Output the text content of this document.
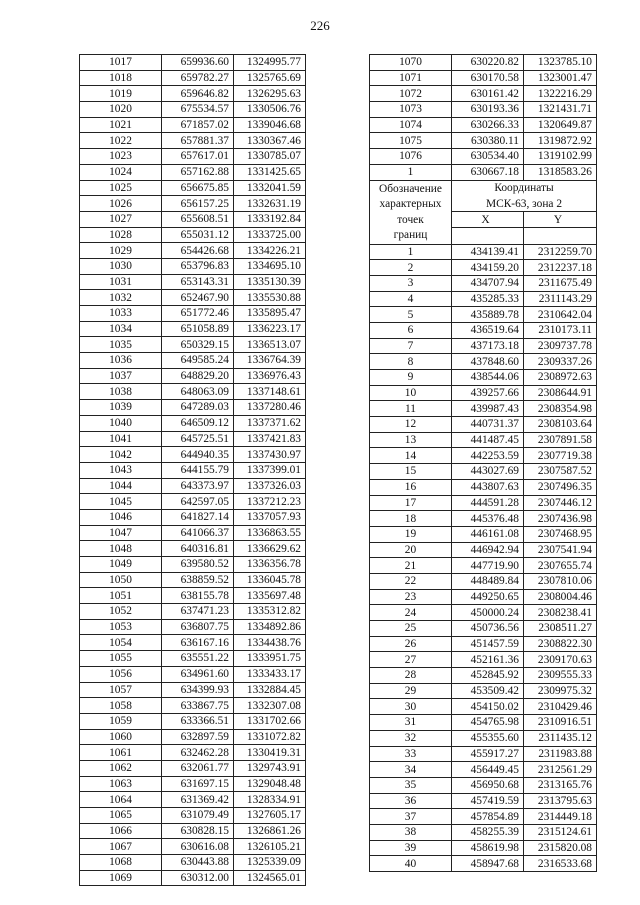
226
1017	659936.60	1324995.77
1018	659782.27	1325765.69
1019	659646.82	1326295.63
1020	675534.57	1330506.76
1021	671857.02	1339046.68
1022	657881.37	1330367.46
1023	657617.01	1330785.07
1024	657162.88	1331425.65
1025	656675.85	1332041.59
1026	656157.25	1332631.19
1027	655608.51	1333192.84
1028	655031.12	1333725.00
1029	654426.68	1334226.21
1030	653796.83	1334695.10
1031	653143.31	1335130.39
1032	652467.90	1335530.88
1033	651772.46	1335895.47
1034	651058.89	1336223.17
1035	650329.15	1336513.07
1036	649585.24	1336764.39
1037	648829.20	1336976.43
1038	648063.09	1337148.61
1039	647289.03	1337280.46
1040	646509.12	1337371.62
1041	645725.51	1337421.83
1042	644940.35	1337430.97
1043	644155.79	1337399.01
1044	643373.97	1337326.03
1045	642597.05	1337212.23
1046	641827.14	1337057.93
1047	641066.37	1336863.55
1048	640316.81	1336629.62
1049	639580.52	1336356.78
1050	638859.52	1336045.78
1051	638155.78	1335697.48
1052	637471.23	1335312.82
1053	636807.75	1334892.86
1054	636167.16	1334438.76
1055	635551.22	1333951.75
1056	634961.60	1333433.17
1057	634399.93	1332884.45
1058	633867.75	1332307.08
1059	633366.51	1331702.66
1060	632897.59	1331072.82
1061	632462.28	1330419.31
1062	632061.77	1329743.91
1063	631697.15	1329048.48
1064	631369.42	1328334.91
1065	631079.49	1327605.17
1066	630828.15	1326861.26
1067	630616.08	1326105.21
1068	630443.88	1325339.09
1069	630312.00	1324565.01
1070	630220.82	1323785.10
1071	630170.58	1323001.47
1072	630161.42	1322216.29
1073	630193.36	1321431.71
1074	630266.33	1320649.87
1075	630380.11	1319872.92
1076	630534.40	1319102.99
1	630667.18	1318583.26
Обозначение
характерных
точек
границ	Координаты	
	МСК-63, зона 2	
	X	Y

1	434139.41	2312259.70
2	434159.20	2312237.18
3	434707.94	2311675.49
4	435285.33	2311143.29
5	435889.78	2310642.04
6	436519.64	2310173.11
7	437173.18	2309737.78
8	437848.60	2309337.26
9	438544.06	2308972.63
10	439257.66	2308644.91
11	439987.43	2308354.98
12	440731.37	2308103.64
13	441487.45	2307891.58
14	442253.59	2307719.38
15	443027.69	2307587.52
16	443807.63	2307496.35
17	444591.28	2307446.12
18	445376.48	2307436.98
19	446161.08	2307468.95
20	446942.94	2307541.94
21	447719.90	2307655.74
22	448489.84	2307810.06
23	449250.65	2308004.46
24	450000.24	2308238.41
25	450736.56	2308511.27
26	451457.59	2308822.30
27	452161.36	2309170.63
28	452845.92	2309555.33
29	453509.42	2309975.32
30	454150.02	2310429.46
31	454765.98	2310916.51
32	455355.60	2311435.12
33	455917.27	2311983.88
34	456449.45	2312561.29
35	456950.68	2313165.76
36	457419.59	2313795.63
37	457854.89	2314449.18
38	458255.39	2315124.61
39	458619.98	2315820.08
40	458947.68	2316533.68
